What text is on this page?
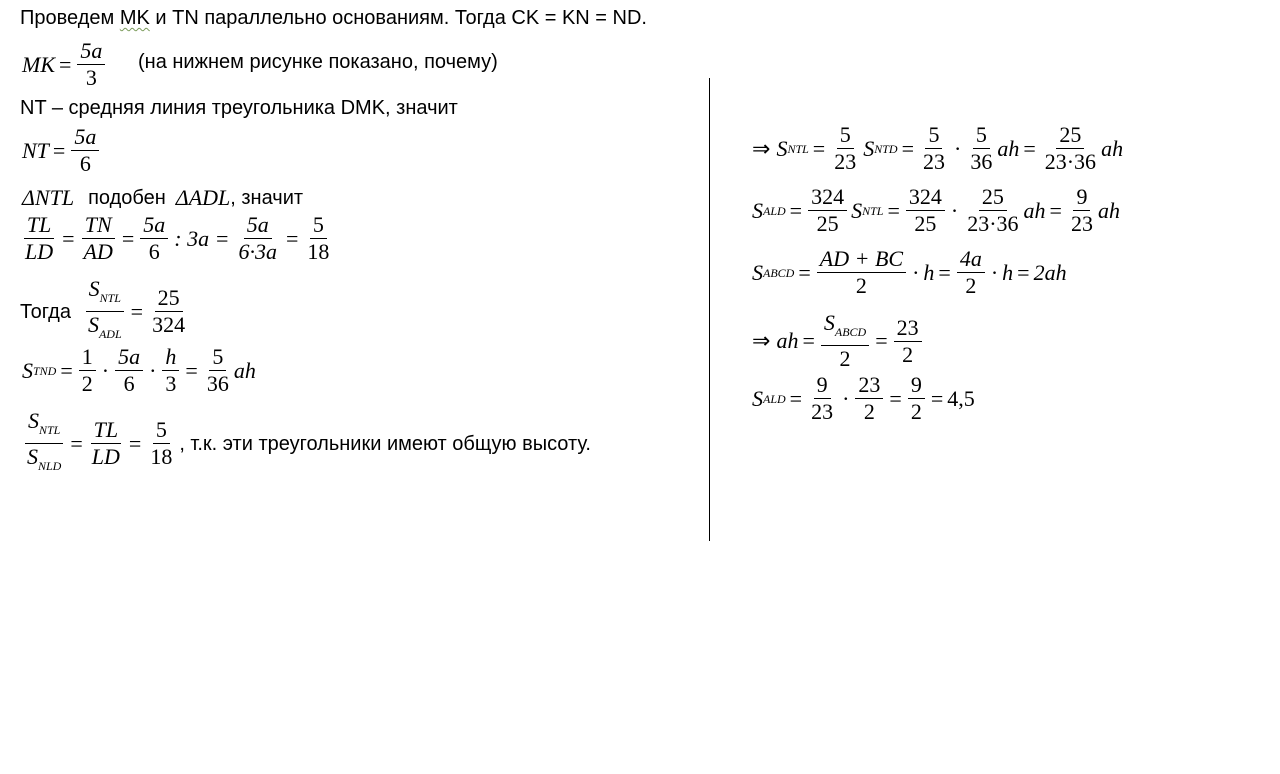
Проведем MK и TN параллельно основаниям. Тогда CK = KN = ND.
MK = $\frac{5a}{3} (на$ нижнем рисунке показано, почему)
NT – средняя линия треугольника DMK, значит
NT = $\frac{5a}{6}$
ΔNTL подобен ΔADL , значит
$\frac{TL}{LD} = \frac{TN}{AD} = \frac{5a}{6}$ : $3a = \frac{5a}{6\cdot 3a} = \frac{5}{18}$
Тогда $\frac{S_{NTL}}{S_{ADL}} = \frac{25}{324}$
S TND = $\frac{1}{2} \cdot \frac{5a}{6} \cdot \frac{h}{3} = \frac{5}{36}$ ah
$\frac{S_{NTL}}{S_{NLD}} = \frac{TL}{LD} = \frac{5}{18}$ , т.к. эти треугольники имеют общую высоту.
⇒ S NTL = $\frac{5}{23}$ S NTD = $\frac{5}{23} \cdot \frac{5}{36}$ ah = $\frac{25}{23\cdot 36}$ ah
S ALD = $\frac{324}{25}$ S NTL = $\frac{324}{25} \cdot \frac{25}{23\cdot 36}$ ah = $\frac{9}{23}$ ah
S ABCD = $\frac{AD + BC}{2} \cdot h = \frac{4a}{2} \cdot h = 2ah$
⇒ ah = $\frac{S_{ABCD}}{2} = \frac{23}{2}$
S ALD = $\frac{9}{23} \cdot \frac{23}{2} = \frac{9}{2} = 4,5$
